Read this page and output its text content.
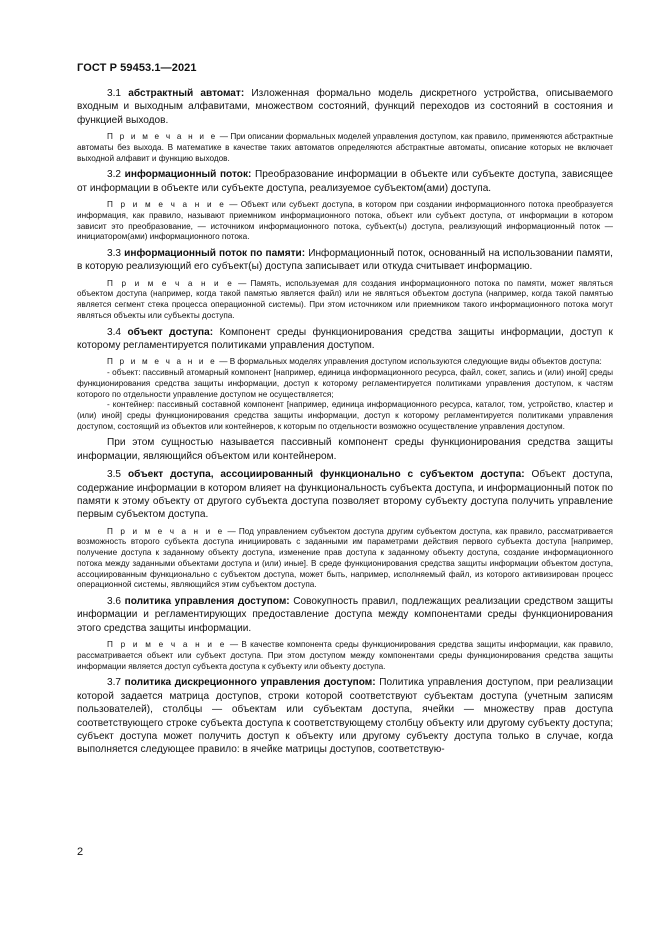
ГОСТ Р 59453.1—2021

3.1 абстрактный автомат: Изложенная формально модель дискретного устройства, описываемого входным и выходным алфавитами, множеством состояний, функций переходов из состояний в состояния и функцией выходов.

П р и м е ч а н и е — При описании формальных моделей управления доступом, как правило, применяются абстрактные автоматы без выхода. В математике в качестве таких автоматов определяются абстрактные автоматы, описание которых не включает выходной алфавит и функцию выходов.

3.2 информационный поток: Преобразование информации в объекте или субъекте доступа, зависящее от информации в объекте или субъекте доступа, реализуемое субъектом(ами) доступа.

П р и м е ч а н и е — Объект или субъект доступа, в котором при создании информационного потока преобразуется информация, как правило, называют приемником информационного потока, объект или субъект доступа, от информации в котором зависит это преобразование, — источником информационного потока, субъект(ы) доступа, реализующий информационный поток — инициатором(ами) информационного потока.

3.3 информационный поток по памяти: Информационный поток, основанный на использовании памяти, в которую реализующий его субъект(ы) доступа записывает или откуда считывает информацию.

П р и м е ч а н и е — Память, используемая для создания информационного потока по памяти, может являться объектом доступа (например, когда такой памятью является файл) или не являться объектом доступа (например, когда такой памятью является сегмент стека процесса операционной системы). При этом источником или приемником такого информационного потока могут являться объекты или субъекты доступа.

3.4 объект доступа: Компонент среды функционирования средства защиты информации, доступ к которому регламентируется политиками управления доступом.

П р и м е ч а н и е — В формальных моделях управления доступом используются следующие виды объектов доступа:

- объект: пассивный атомарный компонент [например, единица информационного ресурса, файл, сокет, запись и (или) иной] среды функционирования средства защиты информации, доступ к которому регламентируется политиками управления доступом, к частям которого по отдельности управление доступом не осуществляется;

- контейнер: пассивный составной компонент [например, единица информационного ресурса, каталог, том, устройство, кластер и (или) иной] среды функционирования средства защиты информации, доступ к которому регламентируется политиками управления доступом, состоящий из объектов или контейнеров, к которым по отдельности возможно осуществление управления доступом.

При этом сущностью называется пассивный компонент среды функционирования средства защиты информации, являющийся объектом или контейнером.

3.5 объект доступа, ассоциированный функционально с субъектом доступа: Объект доступа, содержание информации в котором влияет на функциональность субъекта доступа, и информационный поток по памяти к этому объекту от другого субъекта доступа позволяет второму субъекту доступа получить управление первым субъектом доступа.

П р и м е ч а н и е — Под управлением субъектом доступа другим субъектом доступа, как правило, рассматривается возможность второго субъекта доступа инициировать с заданными им параметрами действия первого субъекта доступа [например, получение доступа к заданному объекту доступа, изменение прав доступа к заданному объекту доступа, создание информационного потока между заданными объектами доступа и (или) иные]. В среде функционирования средства защиты информации объектом доступа, ассоциированным функционально с субъектом доступа, может быть, например, исполняемый файл, из которого активизирован процесс операционной системы, являющийся этим субъектом доступа.

3.6 политика управления доступом: Совокупность правил, подлежащих реализации средством защиты информации и регламентирующих предоставление доступа между компонентами среды функционирования этого средства защиты информации.

П р и м е ч а н и е — В качестве компонента среды функционирования средства защиты информации, как правило, рассматривается объект или субъект доступа. При этом доступом между компонентами среды функционирования средства защиты информации является доступ субъекта доступа к субъекту или объекту доступа.

3.7 политика дискреционного управления доступом: Политика управления доступом, при реализации которой задается матрица доступов, строки которой соответствуют субъектам доступа (учетным записям пользователей), столбцы — объектам или субъектам доступа, ячейки — множеству прав доступа соответствующего строке субъекта доступа к соответствующему столбцу объекту или другому субъекту доступа; субъект доступа может получить доступ к объекту или другому субъекту доступа только в случае, когда выполняется следующее правило: в ячейке матрицы доступов, соответствую-

2
